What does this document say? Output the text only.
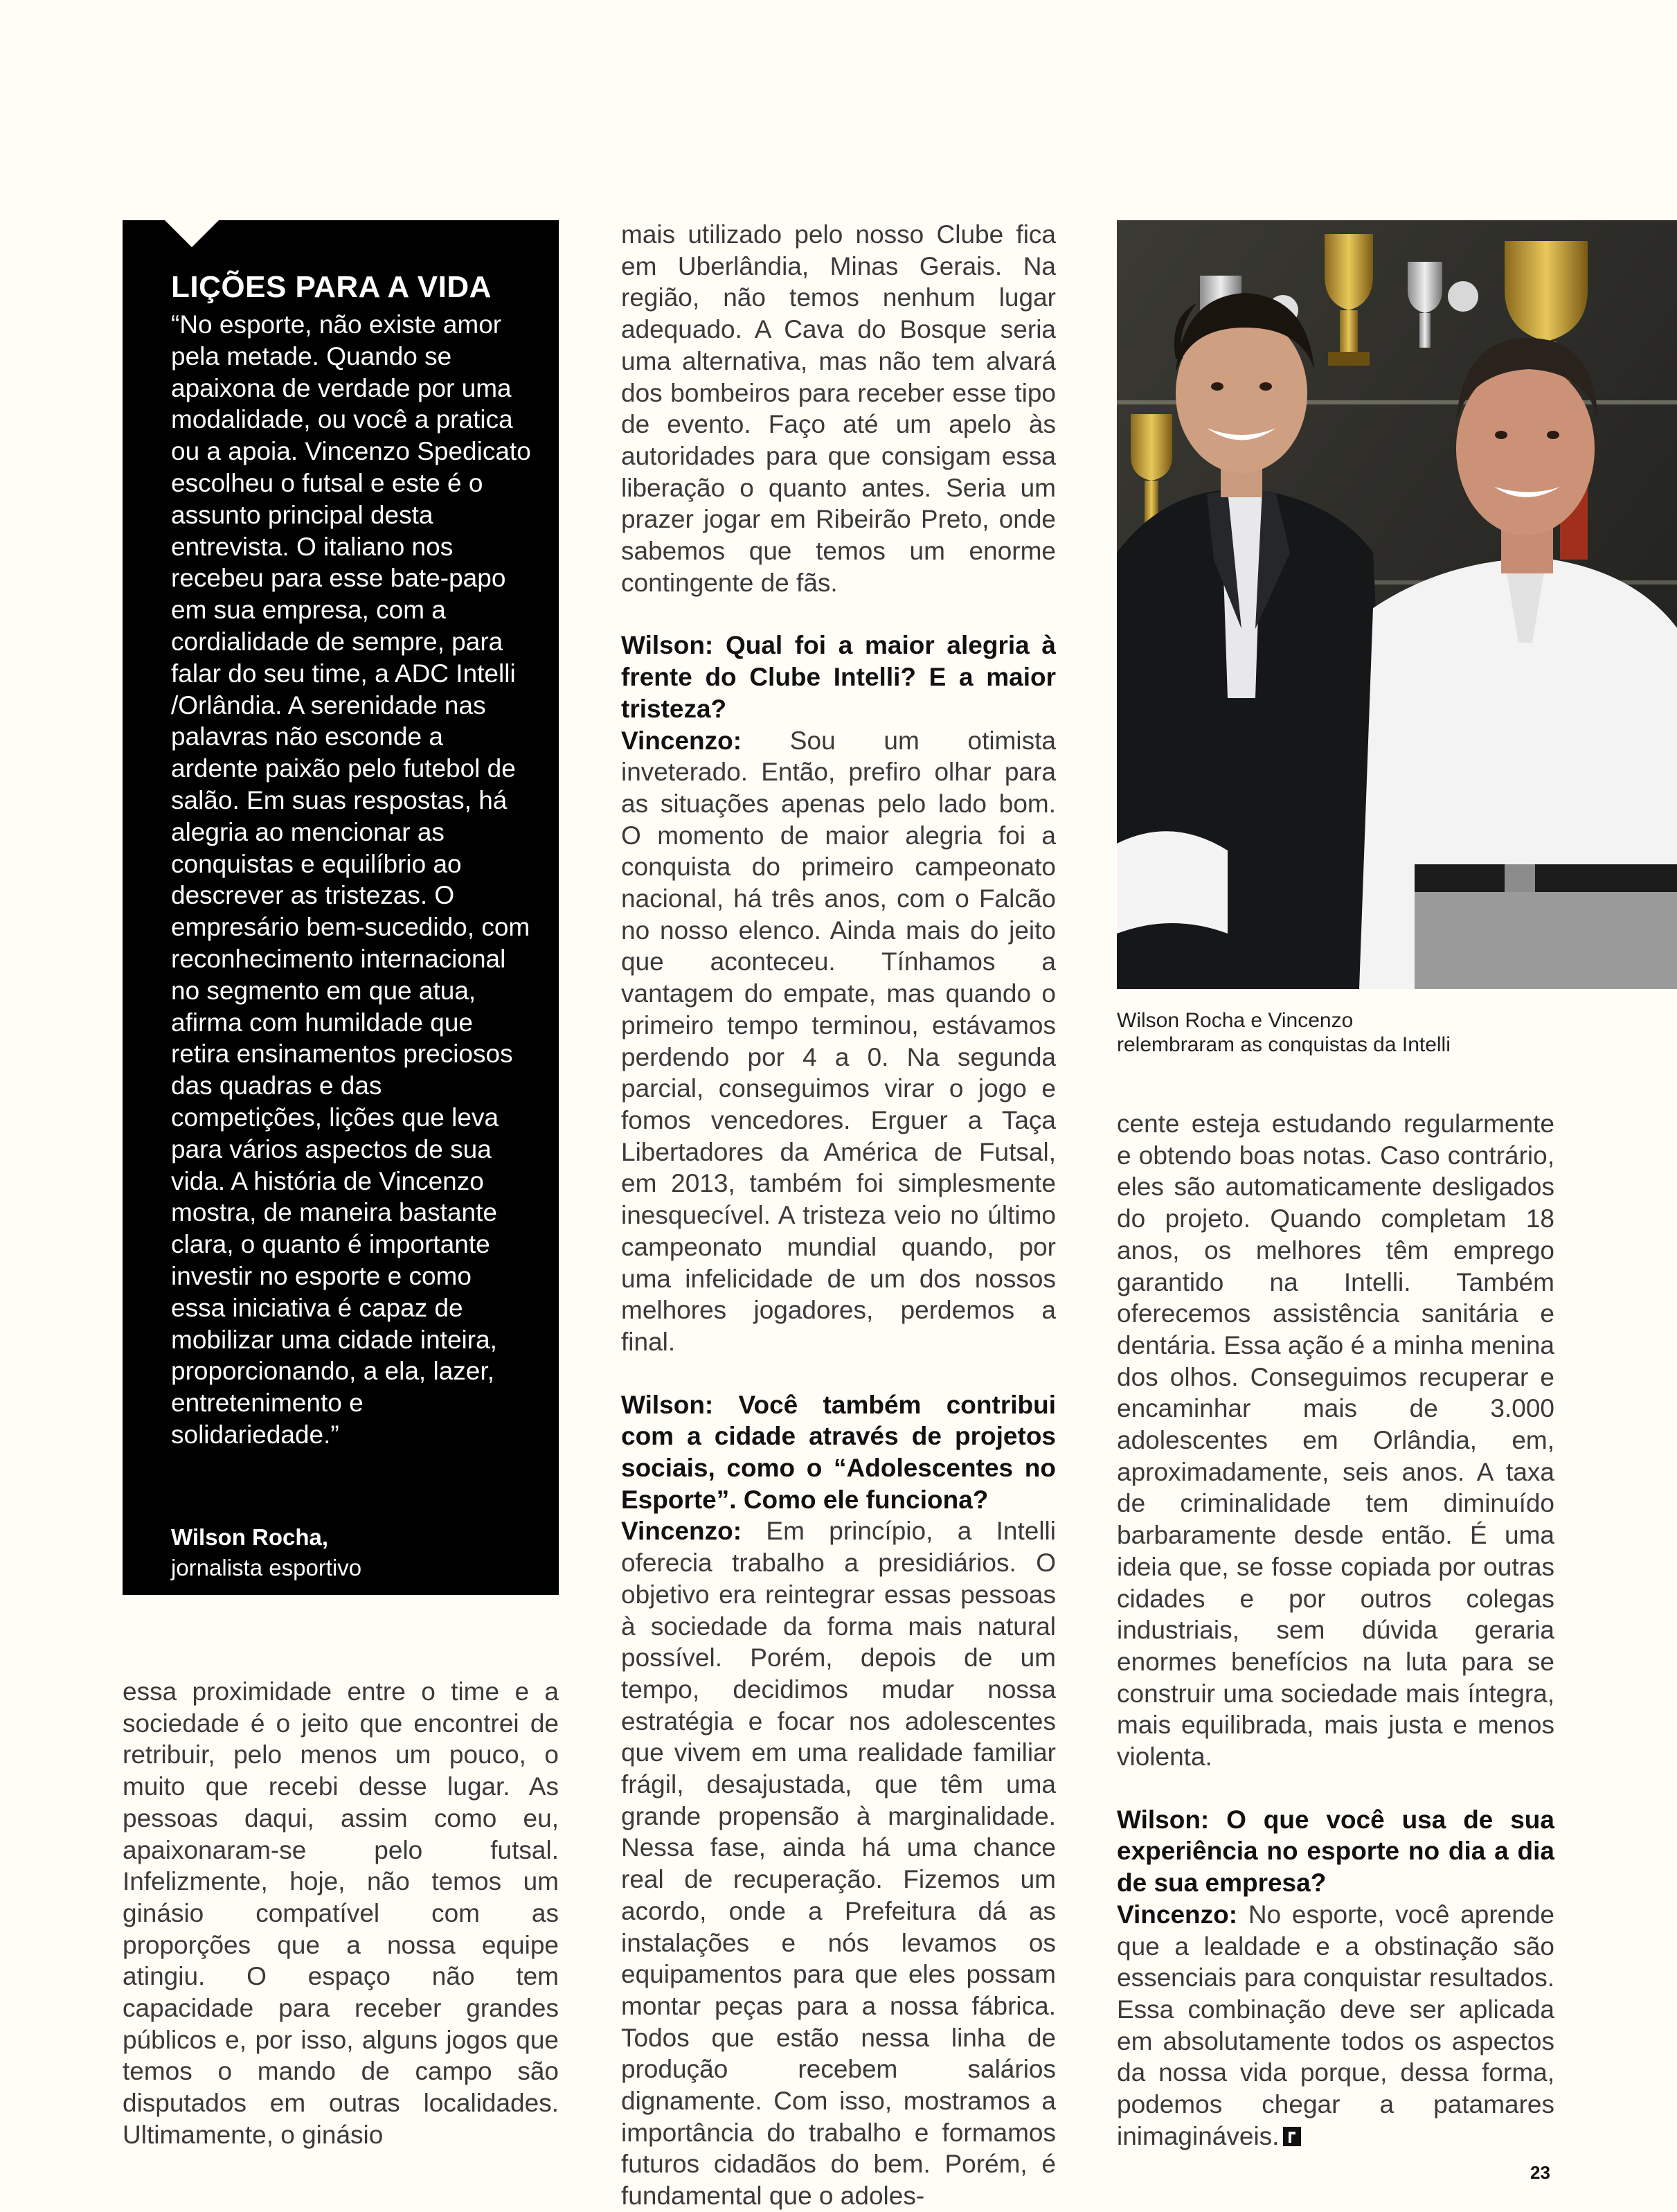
LIÇÕES PARA A VIDA
“No esporte, não existe amor pela metade. Quando se apaixona de verdade por uma modalidade, ou você a pratica ou a apoia. Vincenzo Spedicato escolheu o futsal e este é o assunto principal desta entrevista. O italiano nos recebeu para esse bate-papo em sua empresa, com a cordialidade de sempre, para falar do seu time, a ADC Intelli /Orlândia. A serenidade nas palavras não esconde a ardente paixão pelo futebol de salão. Em suas respostas, há alegria ao mencionar as conquistas e equilíbrio ao descrever as tristezas. O empresário bem-sucedido, com reconhecimento internacional no segmento em que atua, afirma com humildade que retira ensinamentos preciosos das quadras e das competições, lições que leva para vários aspectos de sua vida. A história de Vincenzo mostra, de maneira bastante clara, o quanto é importante investir no esporte e como essa iniciativa é capaz de mobilizar uma cidade inteira, proporcionando, a ela, lazer, entretenimento e solidariedade.”
Wilson Rocha,
jornalista esportivo

essa proximidade entre o time e a sociedade é o jeito que encontrei de retribuir, pelo menos um pouco, o muito que recebi desse lugar. As pessoas daqui, assim como eu, apaixonaram-se pelo futsal. Infelizmente, hoje, não temos um ginásio compatível com as proporções que a nossa equipe atingiu. O espaço não tem capacidade para receber grandes públicos e, por isso, alguns jogos que temos o mando de campo são disputados em outras localidades. Ultimamente, o ginásio

mais utilizado pelo nosso Clube fica em Uberlândia, Minas Gerais. Na região, não temos nenhum lugar adequado. A Cava do Bosque seria uma alternativa, mas não tem alvará dos bombeiros para receber esse tipo de evento. Faço até um apelo às autoridades para que consigam essa liberação o quanto antes. Seria um prazer jogar em Ribeirão Preto, onde sabemos que temos um enorme contingente de fãs.

Wilson: Qual foi a maior alegria à frente do Clube Intelli? E a maior tristeza?

Vincenzo: Sou um otimista inveterado. Então, prefiro olhar para as situações apenas pelo lado bom. O momento de maior alegria foi a conquista do primeiro campeonato nacional, há três anos, com o Falcão no nosso elenco. Ainda mais do jeito que aconteceu. Tínhamos a vantagem do empate, mas quando o primeiro tempo terminou, estávamos perdendo por 4 a 0. Na segunda parcial, conseguimos virar o jogo e fomos vencedores. Erguer a Taça Libertadores da América de Futsal, em 2013, também foi simplesmente inesquecível. A tristeza veio no último campeonato mundial quando, por uma infelicidade de um dos nossos melhores jogadores, perdemos a final.

Wilson: Você também contribui com a cidade através de projetos sociais, como o “Adolescentes no Esporte”. Como ele funciona?

Vincenzo: Em princípio, a Intelli oferecia trabalho a presidiários. O objetivo era reintegrar essas pessoas à sociedade da forma mais natural possível. Porém, depois de um tempo, decidimos mudar nossa estratégia e focar nos adolescentes que vivem em uma realidade familiar frágil, desajustada, que têm uma grande propensão à marginalidade. Nessa fase, ainda há uma chance real de recuperação. Fizemos um acordo, onde a Prefeitura dá as instalações e nós levamos os equipamentos para que eles possam montar peças para a nossa fábrica. Todos que estão nessa linha de produção recebem salários dignamente. Com isso, mostramos a importância do trabalho e formamos futuros cidadãos do bem. Porém, é fundamental que o adoles-

Wilson Rocha e Vincenzo
relembraram as conquistas da Intelli

cente esteja estudando regularmente e obtendo boas notas. Caso contrário, eles são automaticamente desligados do projeto. Quando completam 18 anos, os melhores têm emprego garantido na Intelli. Também oferecemos assistência sanitária e dentária. Essa ação é a minha menina dos olhos. Conseguimos recuperar e encaminhar mais de 3.000 adolescentes em Orlândia, em, aproximadamente, seis anos. A taxa de criminalidade tem diminuído barbaramente desde então. É uma ideia que, se fosse copiada por outras cidades e por outros colegas industriais, sem dúvida geraria enormes benefícios na luta para se construir uma sociedade mais íntegra, mais equilibrada, mais justa e menos violenta.

Wilson: O que você usa de sua experiência no esporte no dia a dia de sua empresa?

Vincenzo: No esporte, você aprende que a lealdade e a obstinação são essenciais para conquistar resultados. Essa combinação deve ser aplicada em absolutamente todos os aspectos da nossa vida porque, dessa forma, podemos chegar a patamares inimagináveis.

23
